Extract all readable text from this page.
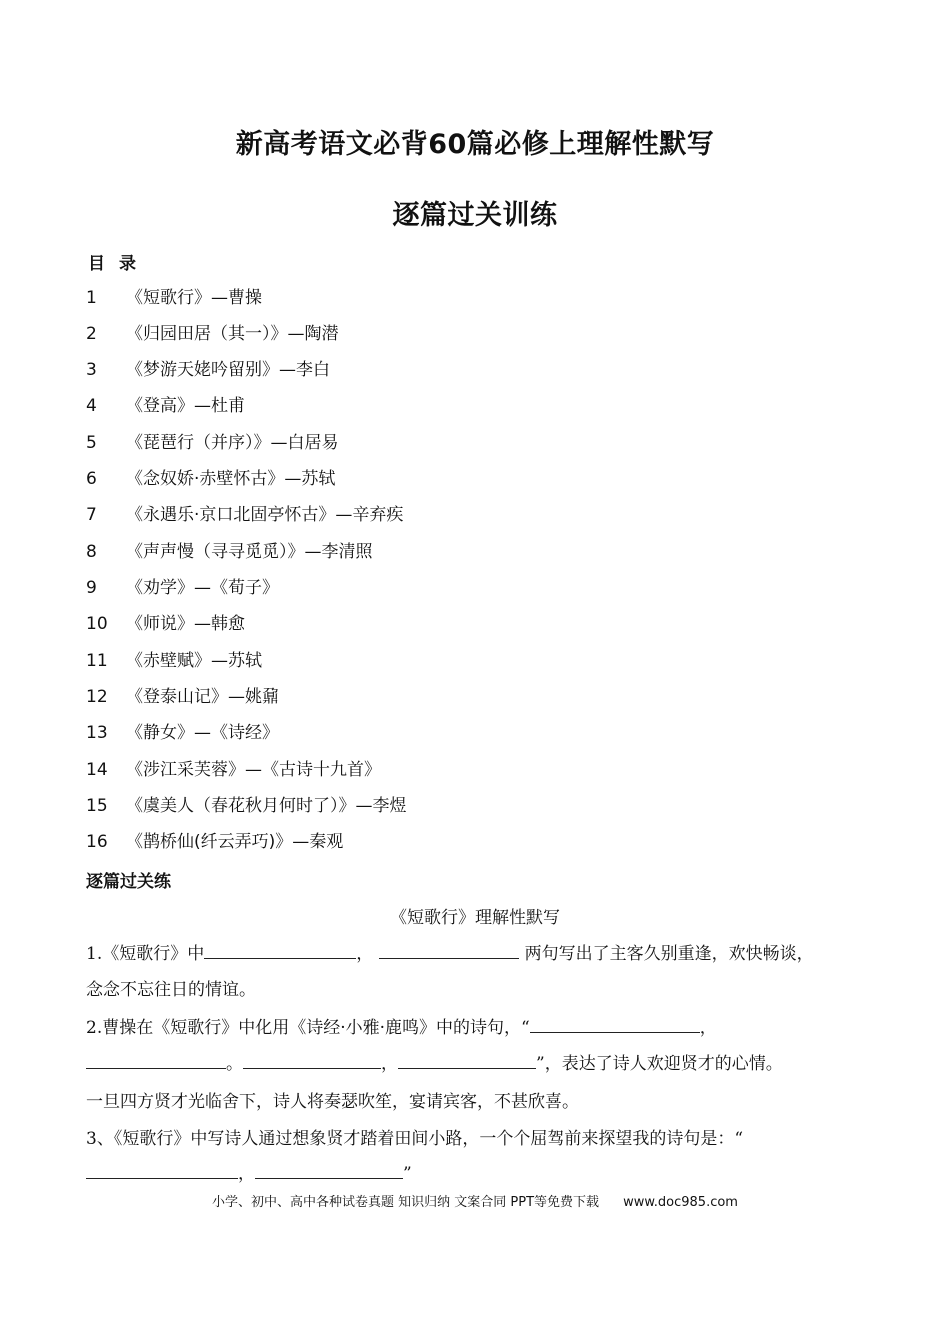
新高考语文必背60篇必修上理解性默写
逐篇过关训练
目 录
1 《短歌行》—曹操
2 《归园田居（其一）》—陶潜
3 《梦游天姥吟留别》—李白
4 《登高》—杜甫
5 《琵琶行（并序）》—白居易
6 《念奴娇·赤壁怀古》—苏轼
7 《永遇乐·京口北固亭怀古》—辛弃疾
8 《声声慢（寻寻觅觅）》—李清照
9 《劝学》—《荀子》
10 《师说》—韩愈
11 《赤壁赋》—苏轼
12 《登泰山记》—姚鼐
13 《静女》—《诗经》
14 《涉江采芙蓉》—《古诗十九首》
15 《虞美人（春花秋月何时了）》—李煜
16 《鹊桥仙(纤云弄巧)》—秦观
逐篇过关练
《短歌行》理解性默写
1.《短歌行》中	，	两句写出了主客久别重逢，欢快畅谈，
念念不忘往日的情谊。
2.曹操在《短歌行》中化用《诗经·小雅·鹿鸣》中的诗句，“	，
。	，	”，表达了诗人欢迎贤才的心情。
一旦四方贤才光临舍下，诗人将奏瑟吹笙，宴请宾客，不甚欣喜。
3、《短歌行》中写诗人通过想象贤才踏着田间小路，一个个屈驾前来探望我的诗句是：“
，	”
小学、初中、高中各种试卷真题 知识归纳 文案合同 PPT等免费下载 www.doc985.com
